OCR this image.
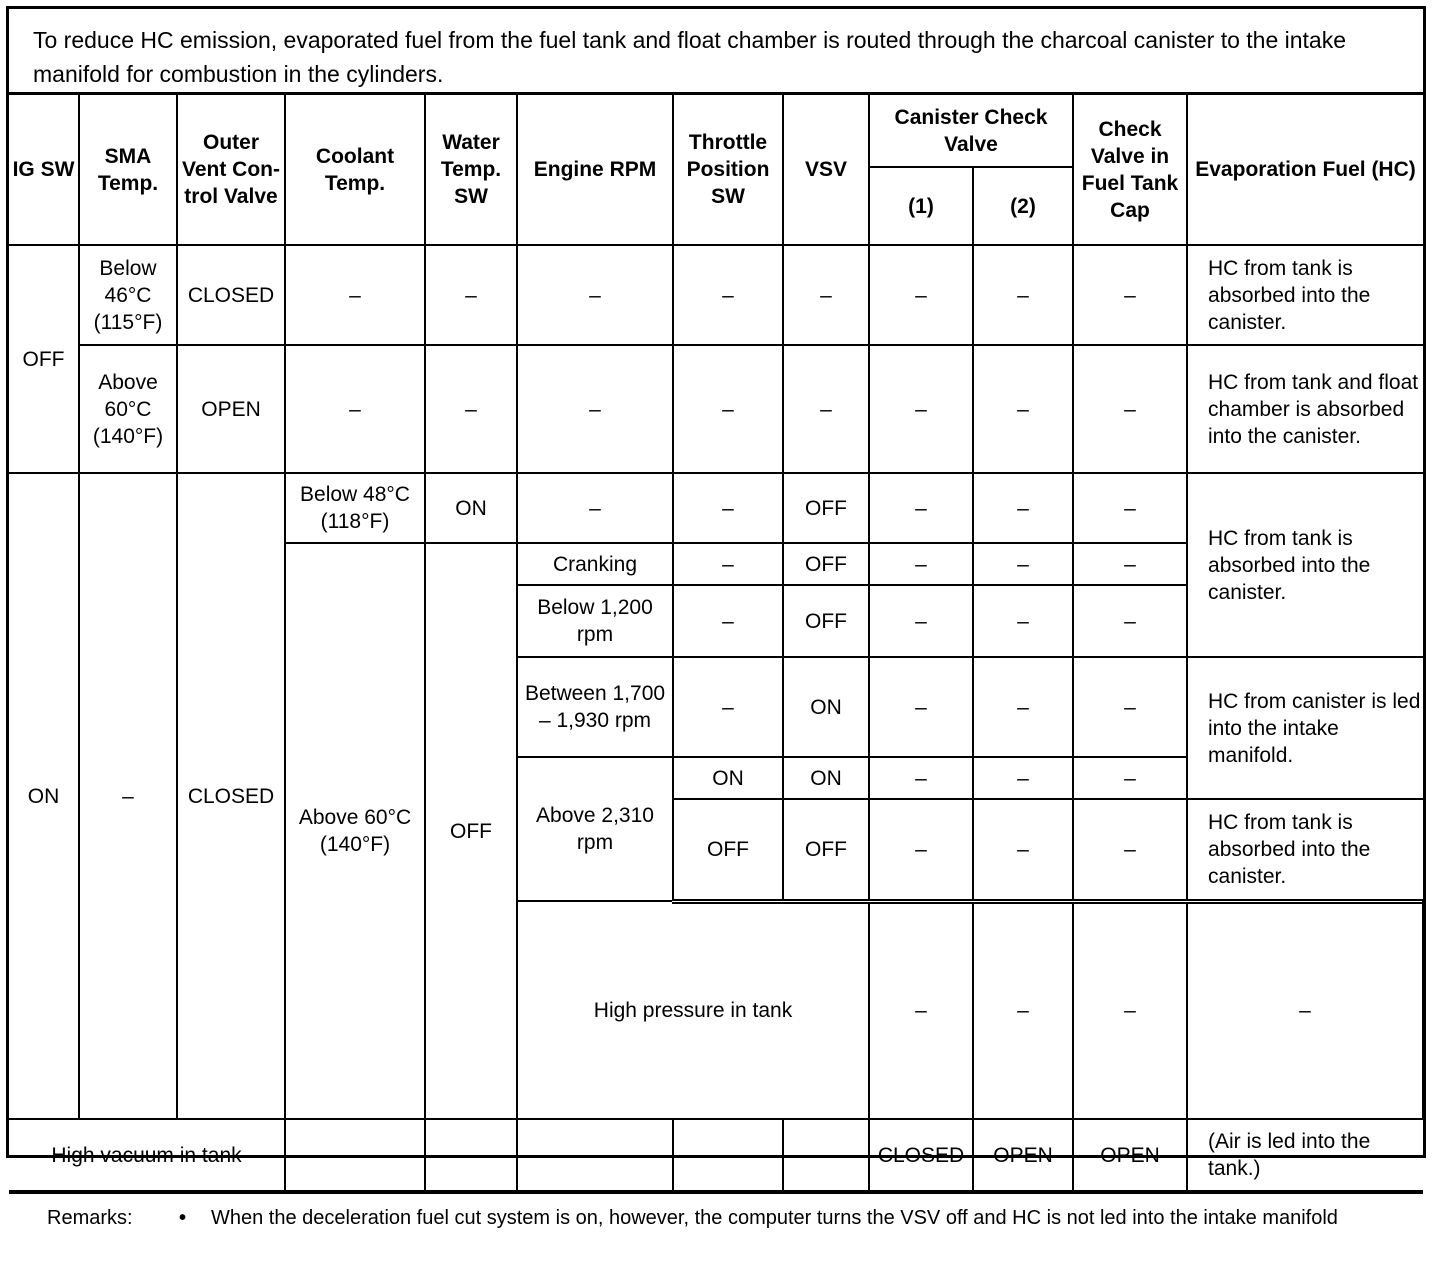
To reduce HC emission, evaporated fuel from the fuel tank and float chamber is routed through the charcoal canister to the intake manifold for combustion in the cylinders.
IG SW	SMA Temp.	Outer Vent Con- trol Valve	Coolant Temp.	Water Temp. SW	Engine RPM	Throttle Position SW	VSV	Canister Check Valve		Check Valve in Fuel Tank Cap	Evaporation Fuel (HC)	
								(1)	(2)			
OFF	Below 46°C (115°F)	CLOSED	–	–	–	–	–	–	–	–	HC from tank is absorbed into the canister.	
	Above 60°C (140°F)	OPEN	–	–	–	–	–	–	–	–	HC from tank and float chamber is absorbed into the canister.	
ON	–	CLOSED	Below 48°C (118°F)	ON	–	–	OFF	–	–	–	HC from tank is absorbed into the canister.	
			Above 60°C (140°F)	OFF	Cranking	–	OFF	–	–	–		
					Below 1,200 rpm	–	OFF	–	–	–		
					Between 1,700 – 1,930 rpm	–	ON	–	–	–	HC from canister is led into the intake manifold.	
					Above 2,310 rpm	ON	ON	–	–	–		
						OFF	OFF	–	–	–	HC from tank is absorbed into the canister.	
					High pressure in tank			–	–	–	–					
High vacuum in tank			–	–	–	–	–	CLOSED	OPEN	OPEN	(Air is led into the tank.)	
Remarks:	•	When the deceleration fuel cut system is on, however, the computer turns the VSV off and HC is not led into the intake manifold
